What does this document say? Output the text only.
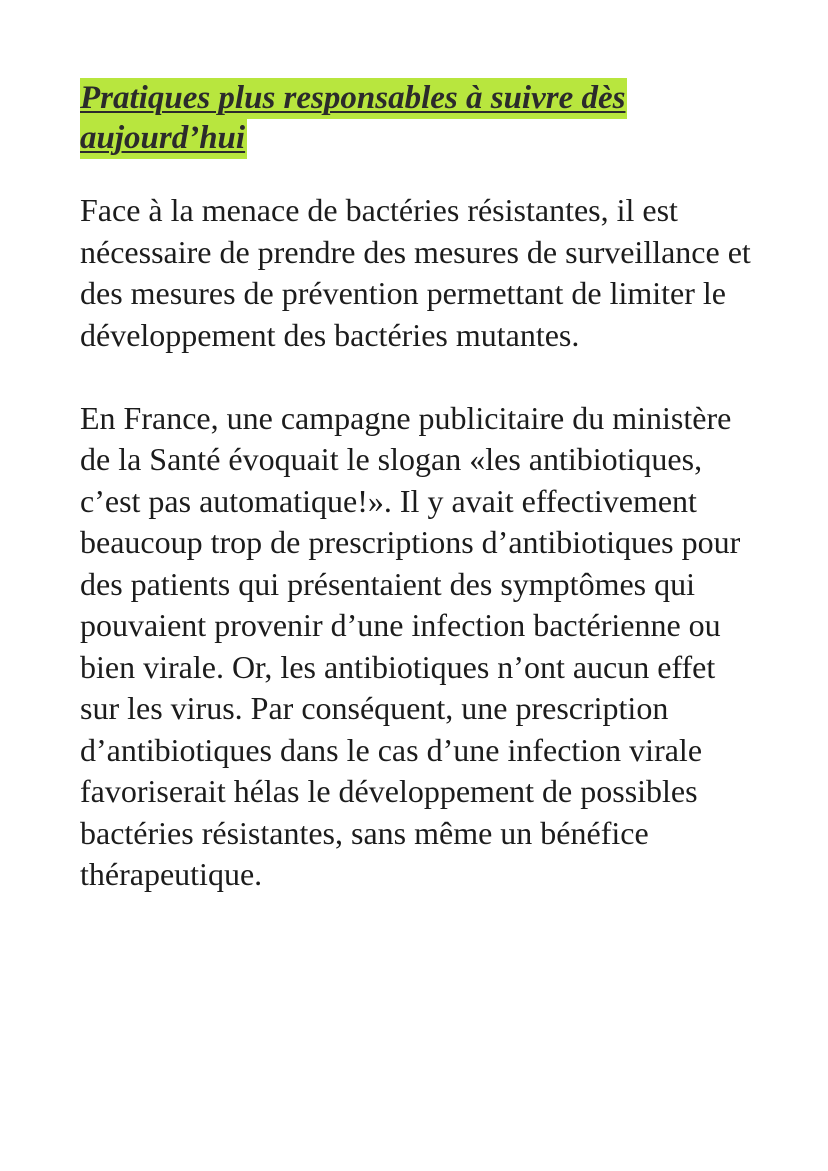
Pratiques plus responsables à suivre dès
aujourd’hui

Face à la menace de bactéries résistantes, il est nécessaire de prendre des mesures de surveillance et des mesures de prévention permettant de limiter le développement des bactéries mutantes.

En France, une campagne publicitaire du ministère de la Santé évoquait le slogan «les antibiotiques, c’est pas automatique!». Il y avait effectivement beaucoup trop de prescriptions d’antibiotiques pour des patients qui présentaient des symptômes qui pouvaient provenir d’une infection bactérienne ou bien virale. Or, les antibiotiques n’ont aucun effet sur les virus. Par conséquent, une prescription d’antibiotiques dans le cas d’une infection virale favoriserait hélas le développement de possibles bactéries résistantes, sans même un bénéfice thérapeutique.
